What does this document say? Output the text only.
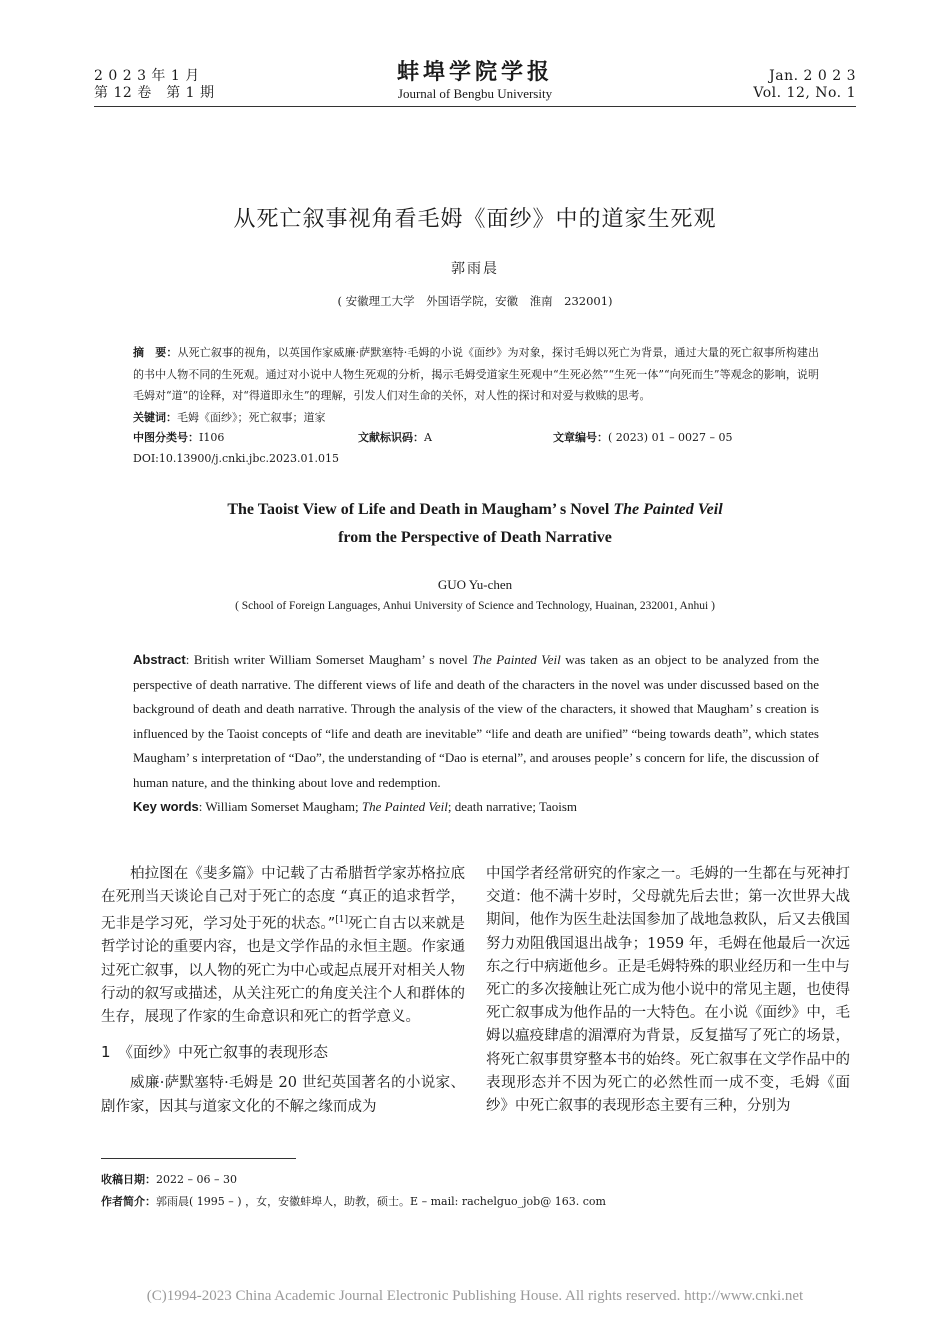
2 0 2 3 年 1 月
第 12 卷　第 1 期
蚌埠学院学报
Journal of Bengbu University
Jan. 2 0 2 3
Vol. 12, No. 1
从死亡叙事视角看毛姆《面纱》中的道家生死观
郭雨晨
( 安徽理工大学　外国语学院，安徽　淮南　232001)
摘　要：从死亡叙事的视角，以英国作家威廉·萨默塞特·毛姆的小说《面纱》为对象，探讨毛姆以死亡为背景，通过大量的死亡叙事所构建出的书中人物不同的生死观。通过对小说中人物生死观的分析，揭示毛姆受道家生死观中“生死必然”“生死一体”“向死而生”等观念的影响，说明毛姆对“道”的诠释，对“得道即永生”的理解，引发人们对生命的关怀，对人性的探讨和对爱与救赎的思考。
关键词：毛姆《面纱》；死亡叙事；道家
中图分类号：I106	文献标识码：A	文章编号：( 2023) 01 – 0027 – 05
DOI:10.13900/j.cnki.jbc.2023.01.015
The Taoist View of Life and Death in Maugham’ s Novel The Painted Veil
from the Perspective of Death Narrative
GUO Yu-chen
( School of Foreign Languages, Anhui University of Science and Technology, Huainan, 232001, Anhui )
Abstract: British writer William Somerset Maugham’ s novel The Painted Veil was taken as an object to be analyzed from the perspective of death narrative. The different views of life and death of the characters in the novel was under discussed based on the background of death and death narrative. Through the analysis of the view of the characters, it showed that Maugham’ s creation is influenced by the Taoist concepts of “life and death are inevitable” “life and death are unified” “being towards death”, which states Maugham’ s interpretation of “Dao”, the understanding of “Dao is eternal”, and arouses people’ s concern for life, the discussion of human nature, and the thinking about love and redemption.
Key words: William Somerset Maugham; The Painted Veil; death narrative; Taoism

柏拉图在《斐多篇》中记载了古希腊哲学家苏格拉底在死刑当天谈论自己对于死亡的态度 “真正的追求哲学，无非是学习死，学习处于死的状态。”[1]死亡自古以来就是哲学讨论的重要内容，也是文学作品的永恒主题。作家通过死亡叙事，以人物的死亡为中心或起点展开对相关人物行动的叙写或描述，从关注死亡的角度关注个人和群体的生存，展现了作家的生命意识和死亡的哲学意义。

1　《面纱》中死亡叙事的表现形态

威廉·萨默塞特·毛姆是 20 世纪英国著名的小说家、剧作家，因其与道家文化的不解之缘而成为

中国学者经常研究的作家之一。毛姆的一生都在与死神打交道：他不满十岁时，父母就先后去世；第一次世界大战期间，他作为医生赴法国参加了战地急救队，后又去俄国努力劝阻俄国退出战争；1959 年，毛姆在他最后一次远东之行中病逝他乡。正是毛姆特殊的职业经历和一生中与死亡的多次接触让死亡成为他小说中的常见主题，也使得死亡叙事成为他作品的一大特色。在小说《面纱》中，毛姆以瘟疫肆虐的湄潭府为背景，反复描写了死亡的场景，将死亡叙事贯穿整本书的始终。死亡叙事在文学作品中的表现形态并不因为死亡的必然性而一成不变，毛姆《面纱》中死亡叙事的表现形态主要有三种，分别为

收稿日期：2022 – 06 – 30
作者简介：郭雨晨( 1995 – ) ，女，安徽蚌埠人，助教，硕士。E – mail: rachelguo_job@ 163. com
(C)1994-2023 China Academic Journal Electronic Publishing House. All rights reserved. http://www.cnki.net
